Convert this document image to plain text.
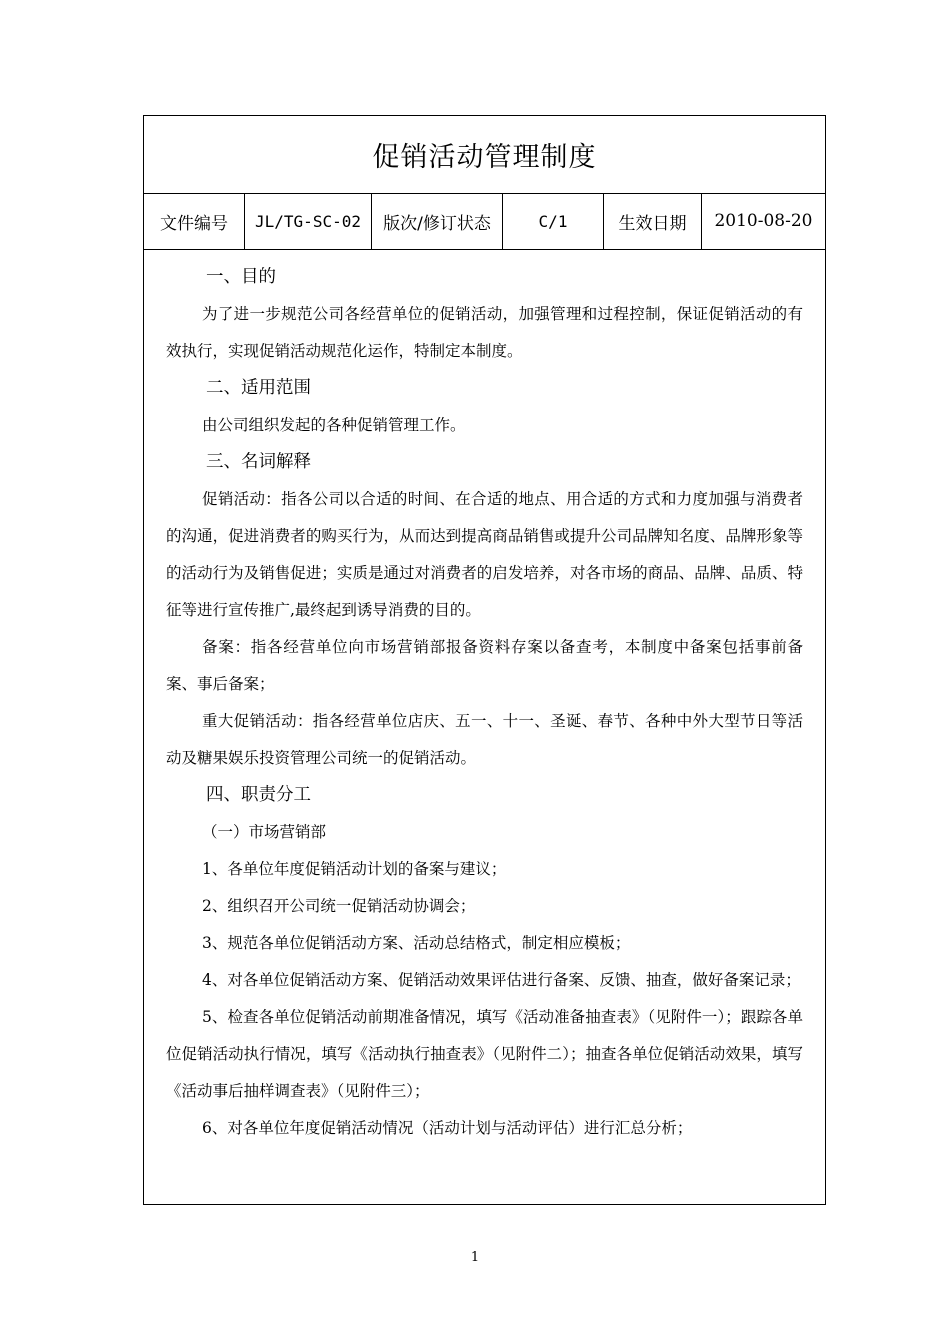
促销活动管理制度
文件编号	JL/TG-SC-02	版次/修订状态	C/1	生效日期	2010-08-20
一、目的

为了进一步规范公司各经营单位的促销活动，加强管理和过程控制，保证促销活动的有效执行，实现促销活动规范化运作，特制定本制度。

二、适用范围

由公司组织发起的各种促销管理工作。

三、名词解释

促销活动：指各公司以合适的时间、在合适的地点、用合适的方式和力度加强与消费者的沟通，促进消费者的购买行为，从而达到提高商品销售或提升公司品牌知名度、品牌形象等的活动行为及销售促进；实质是通过对消费者的启发培养，对各市场的商品、品牌、品质、特征等进行宣传推广,最终起到诱导消费的目的。

备案：指各经营单位向市场营销部报备资料存案以备查考，本制度中备案包括事前备案、事后备案；

重大促销活动：指各经营单位店庆、五一、十一、圣诞、春节、各种中外大型节日等活动及糖果娱乐投资管理公司统一的促销活动。

四、职责分工

（一）市场营销部

1、各单位年度促销活动计划的备案与建议；

2、组织召开公司统一促销活动协调会；

3、规范各单位促销活动方案、活动总结格式，制定相应模板；

4、对各单位促销活动方案、促销活动效果评估进行备案、反馈、抽查，做好备案记录；

5、检查各单位促销活动前期准备情况，填写《活动准备抽查表》（见附件一）；跟踪各单位促销活动执行情况，填写《活动执行抽查表》（见附件二）；抽查各单位促销活动效果，填写《活动事后抽样调查表》（见附件三）；

6、对各单位年度促销活动情况（活动计划与活动评估）进行汇总分析；

1
